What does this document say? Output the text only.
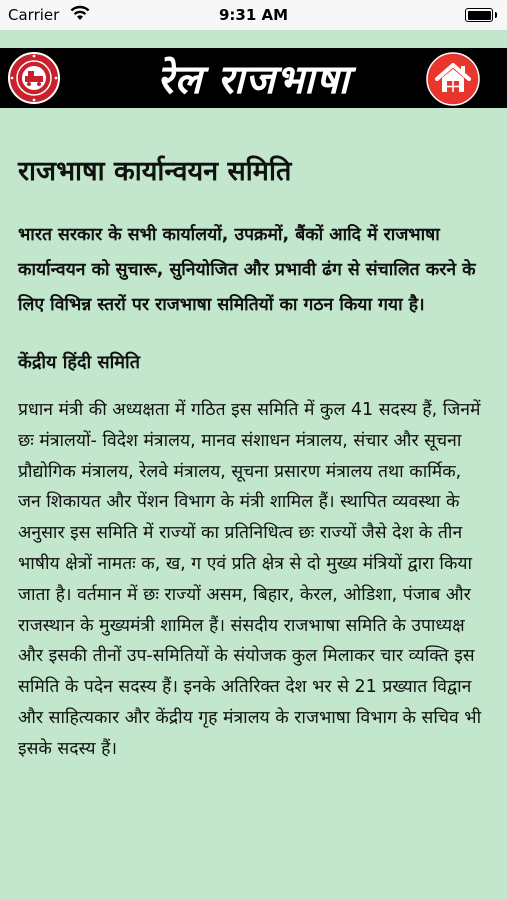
Carrier	9:31 AM
रेल राजभाषा
राजभाषा कार्यान्वयन समिति

भारत सरकार के सभी कार्यालयों, उपक्रमों, बैंकों आदि में राजभाषा कार्यान्वयन को सुचारू, सुनियोजित और प्रभावी ढंग से संचालित करने के लिए विभिन्न स्तरों पर राजभाषा समितियों का गठन किया गया है।

केंद्रीय हिंदी समिति

प्रधान मंत्री की अध्यक्षता में गठित इस समिति में कुल 41 सदस्य हैं, जिनमें छः मंत्रालयों- विदेश मंत्रालय, मानव संशाधन मंत्रालय, संचार और सूचना प्रौद्योगिक मंत्रालय, रेलवे मंत्रालय, सूचना प्रसारण मंत्रालय तथा कार्मिक, जन शिकायत और पेंशन विभाग के मंत्री शामिल हैं। स्थापित व्यवस्था के अनुसार इस समिति में राज्यों का प्रतिनिधित्व छः राज्यों जैसे देश के तीन भाषीय क्षेत्रों नामतः क, ख, ग एवं प्रति क्षेत्र से दो मुख्य मंत्रियों द्वारा किया जाता है। वर्तमान में छः राज्यों असम, बिहार, केरल, ओडिशा, पंजाब और राजस्थान के मुख्यमंत्री शामिल हैं। संसदीय राजभाषा समिति के उपाध्यक्ष और इसकी तीनों उप-समितियों के संयोजक कुल मिलाकर चार व्यक्ति इस समिति के पदेन सदस्य हैं। इनके अतिरिक्त देश भर से 21 प्रख्यात विद्वान और साहित्यकार और केंद्रीय गृह मंत्रालय के राजभाषा विभाग के सचिव भी इसके सदस्य हैं।
